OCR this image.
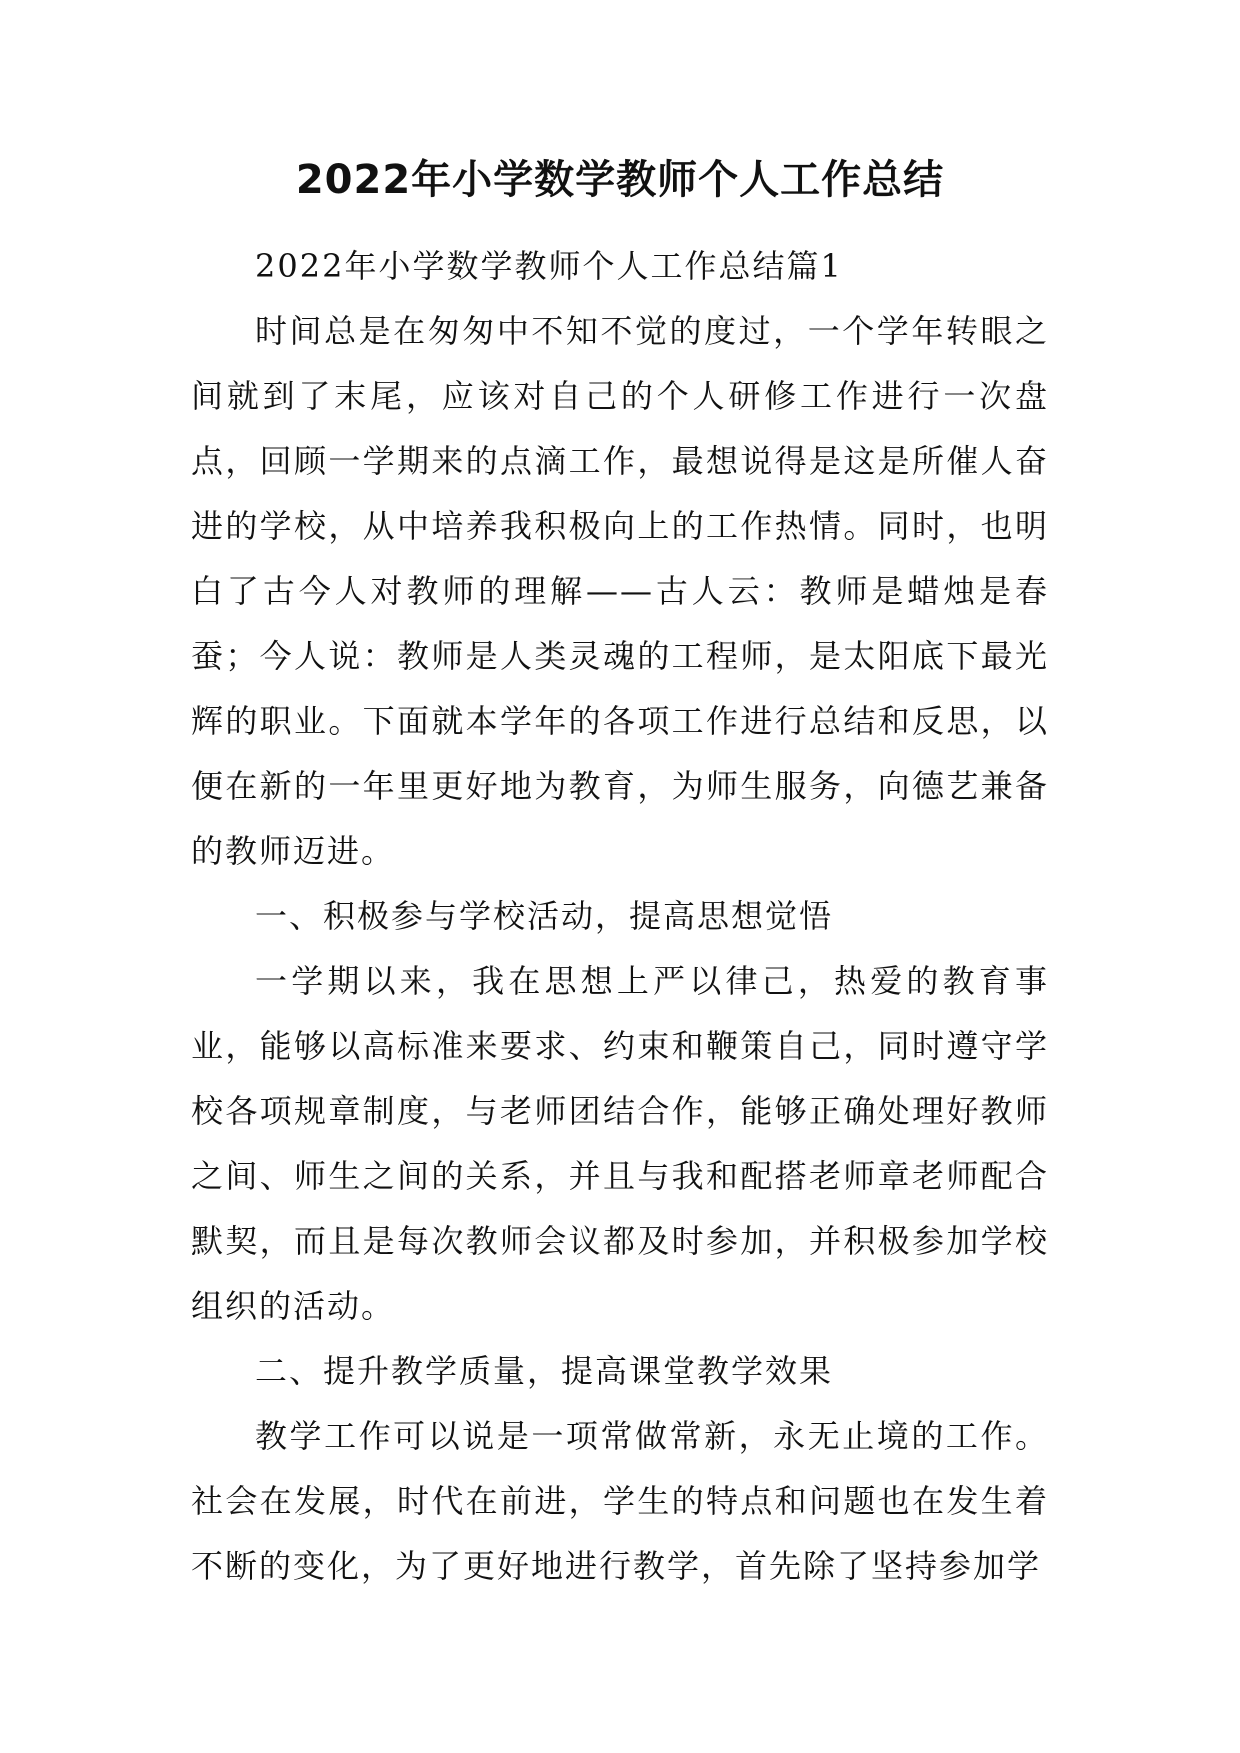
2022年小学数学教师个人工作总结

2022年小学数学教师个人工作总结篇1

时间总是在匆匆中不知不觉的度过，一个学年转眼之间就到了末尾，应该对自己的个人研修工作进行一次盘点，回顾一学期来的点滴工作，最想说得是这是所催人奋进的学校，从中培养我积极向上的工作热情。同时，也明白了古今人对教师的理解——古人云：教师是蜡烛是春蚕；今人说：教师是人类灵魂的工程师，是太阳底下最光辉的职业。下面就本学年的各项工作进行总结和反思，以便在新的一年里更好地为教育，为师生服务，向德艺兼备的教师迈进。

一、积极参与学校活动，提高思想觉悟

一学期以来，我在思想上严以律己，热爱的教育事业，能够以高标准来要求、约束和鞭策自己，同时遵守学校各项规章制度，与老师团结合作，能够正确处理好教师之间、师生之间的关系，并且与我和配搭老师章老师配合默契，而且是每次教师会议都及时参加，并积极参加学校组织的活动。

二、提升教学质量，提高课堂教学效果

教学工作可以说是一项常做常新，永无止境的工作。社会在发展，时代在前进，学生的特点和问题也在发生着不断的变化，为了更好地进行教学，首先除了坚持参加学
